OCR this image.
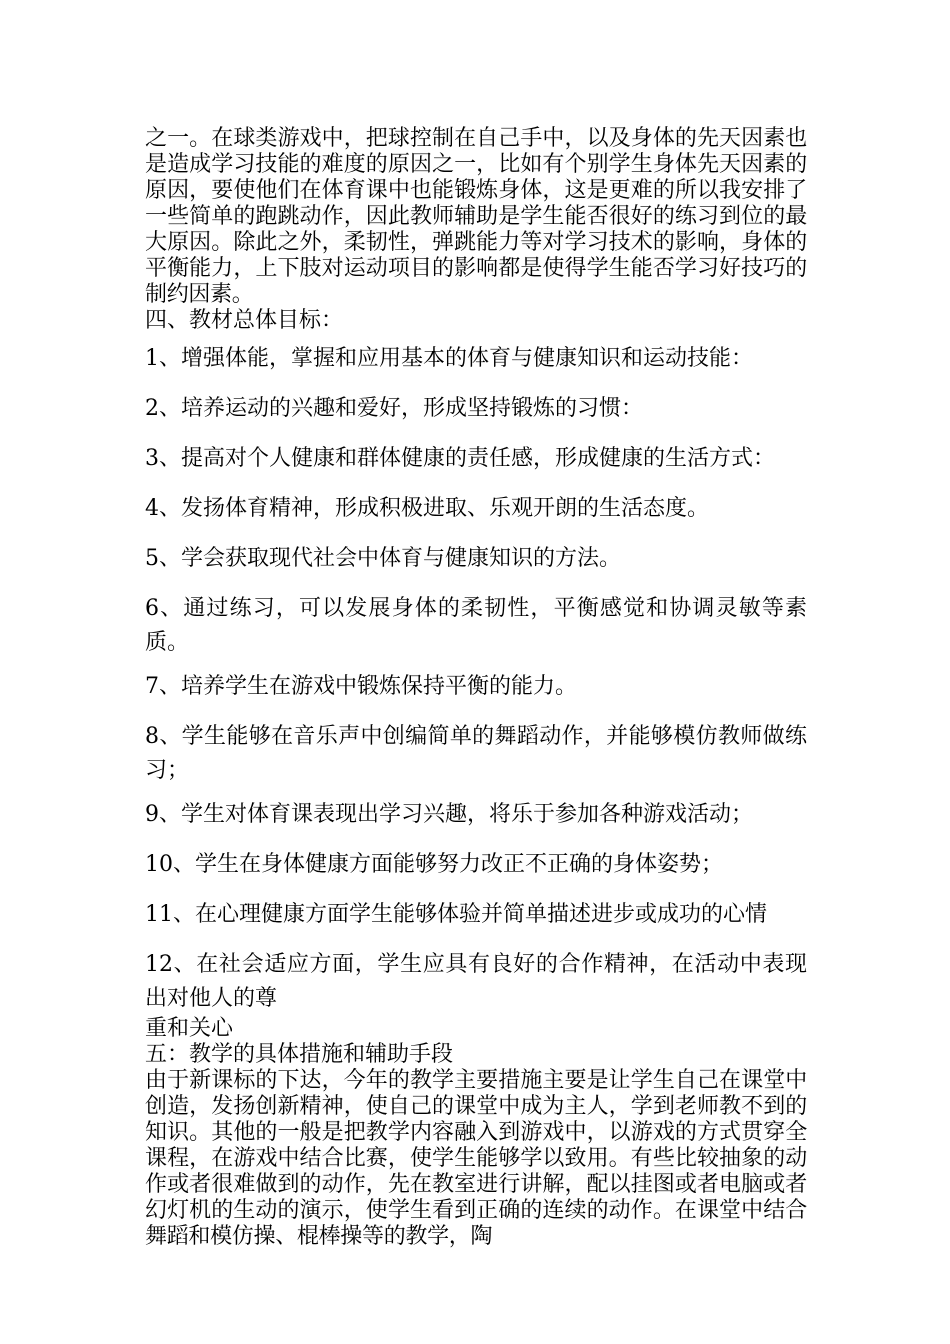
之一。在球类游戏中，把球控制在自己手中，以及身体的先天因素也是造成学习技能的难度的原因之一，比如有个别学生身体先天因素的原因，要使他们在体育课中也能锻炼身体，这是更难的所以我安排了一些简单的跑跳动作，因此教师辅助是学生能否很好的练习到位的最大原因。除此之外，柔韧性，弹跳能力等对学习技术的影响，身体的平衡能力，上下肢对运动项目的影响都是使得学生能否学习好技巧的制约因素。

四、教材总体目标：

1、增强体能，掌握和应用基本的体育与健康知识和运动技能：
2、培养运动的兴趣和爱好，形成坚持锻炼的习惯：
3、提高对个人健康和群体健康的责任感，形成健康的生活方式：
4、发扬体育精神，形成积极进取、乐观开朗的生活态度。
5、学会获取现代社会中体育与健康知识的方法。
6、通过练习，可以发展身体的柔韧性，平衡感觉和协调灵敏等素质。
7、培养学生在游戏中锻炼保持平衡的能力。
8、学生能够在音乐声中创编简单的舞蹈动作，并能够模仿教师做练习；
9、学生对体育课表现出学习兴趣，将乐于参加各种游戏活动；
10、学生在身体健康方面能够努力改正不正确的身体姿势；
11、在心理健康方面学生能够体验并简单描述进步或成功的心情
12、在社会适应方面，学生应具有良好的合作精神，在活动中表现出对他人的尊

重和关心

五：教学的具体措施和辅助手段

由于新课标的下达，今年的教学主要措施主要是让学生自己在课堂中创造，发扬创新精神，使自己的课堂中成为主人，学到老师教不到的知识。其他的一般是把教学内容融入到游戏中，以游戏的方式贯穿全课程，在游戏中结合比赛，使学生能够学以致用。有些比较抽象的动作或者很难做到的动作，先在教室进行讲解，配以挂图或者电脑或者幻灯机的生动的演示，使学生看到正确的连续的动作。在课堂中结合舞蹈和模仿操、棍棒操等的教学，陶
